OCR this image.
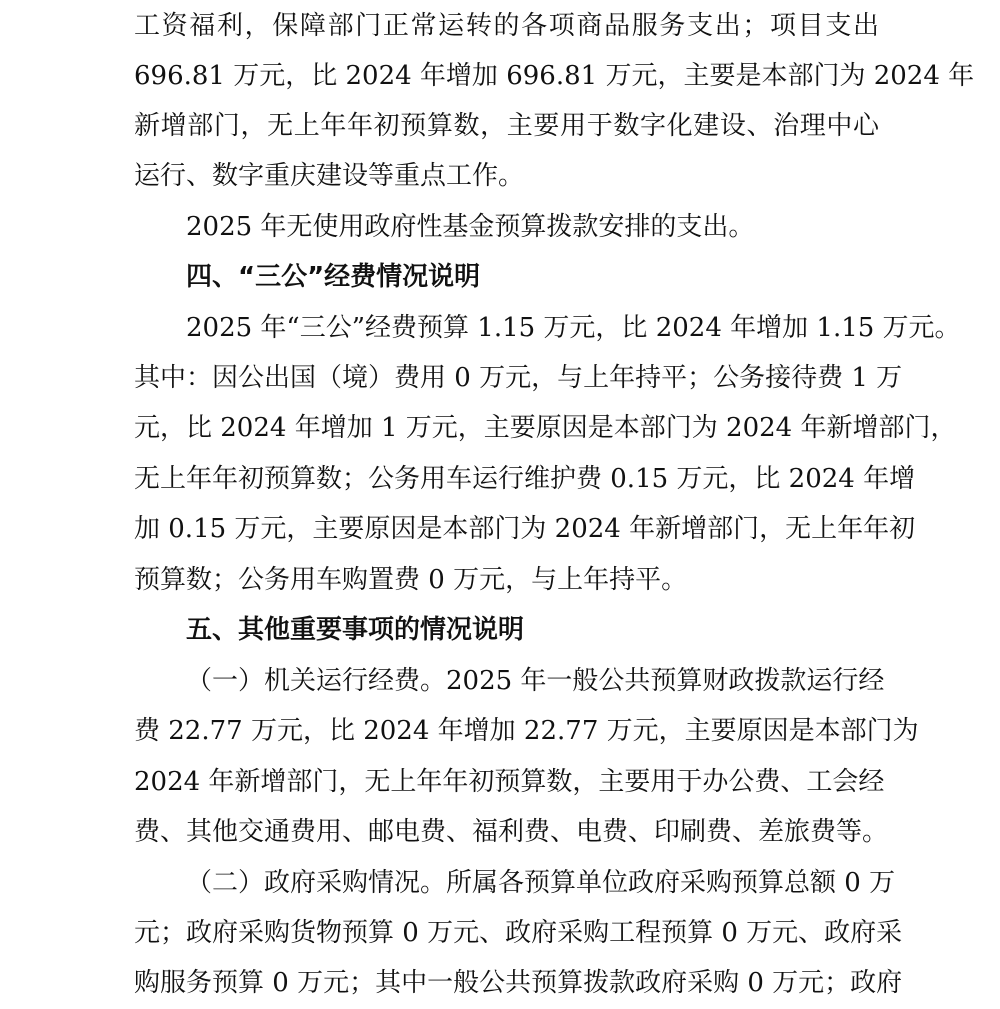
工资福利，保障部门正常运转的各项商品服务支出；项目支出
696.81 万元，比 2024 年增加 696.81 万元，主要是本部门为 2024 年
新增部门，无上年年初预算数，主要用于数字化建设、治理中心
运行、数字重庆建设等重点工作。
2025 年无使用政府性基金预算拨款安排的支出。
四、“三公”经费情况说明
2025 年“三公”经费预算 1.15 万元，比 2024 年增加 1.15 万元。
其中：因公出国（境）费用 0 万元，与上年持平；公务接待费 1 万
元，比 2024 年增加 1 万元，主要原因是本部门为 2024 年新增部门，
无上年年初预算数；公务用车运行维护费 0.15 万元，比 2024 年增
加 0.15 万元，主要原因是本部门为 2024 年新增部门，无上年年初
预算数；公务用车购置费 0 万元，与上年持平。
五、其他重要事项的情况说明
（一）机关运行经费。2025 年一般公共预算财政拨款运行经
费 22.77 万元，比 2024 年增加 22.77 万元，主要原因是本部门为
2024 年新增部门，无上年年初预算数，主要用于办公费、工会经
费、其他交通费用、邮电费、福利费、电费、印刷费、差旅费等。
（二）政府采购情况。所属各预算单位政府采购预算总额 0 万
元；政府采购货物预算 0 万元、政府采购工程预算 0 万元、政府采
购服务预算 0 万元；其中一般公共预算拨款政府采购 0 万元；政府
